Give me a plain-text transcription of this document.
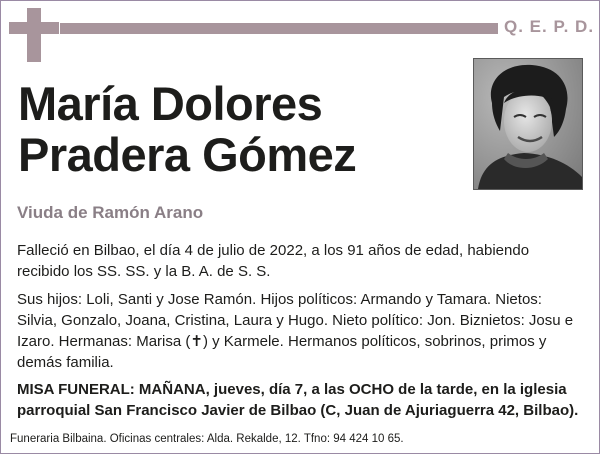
Q. E. P. D.
María Dolores
Pradera Gómez
Viuda de Ramón Arano
Falleció en Bilbao, el día 4 de julio de 2022, a los 91 años de edad, habiendo recibido los SS. SS. y la B. A. de S. S.
Sus hijos: Loli, Santi y Jose Ramón. Hijos políticos: Armando y Tamara. Nietos: Silvia, Gonzalo, Joana, Cristina, Laura y Hugo. Nieto político: Jon. Biznietos: Josu e Izaro. Hermanas: Marisa (✝) y Karmele. Hermanos políticos, sobrinos, primos y demás familia.
MISA FUNERAL: MAÑANA, jueves, día 7, a las OCHO de la tarde, en la iglesia parroquial San Francisco Javier de Bilbao (C, Juan de Ajuriaguerra 42, Bilbao).
Funeraria Bilbaina. Oficinas centrales: Alda. Rekalde, 12. Tfno: 94 424 10 65.
